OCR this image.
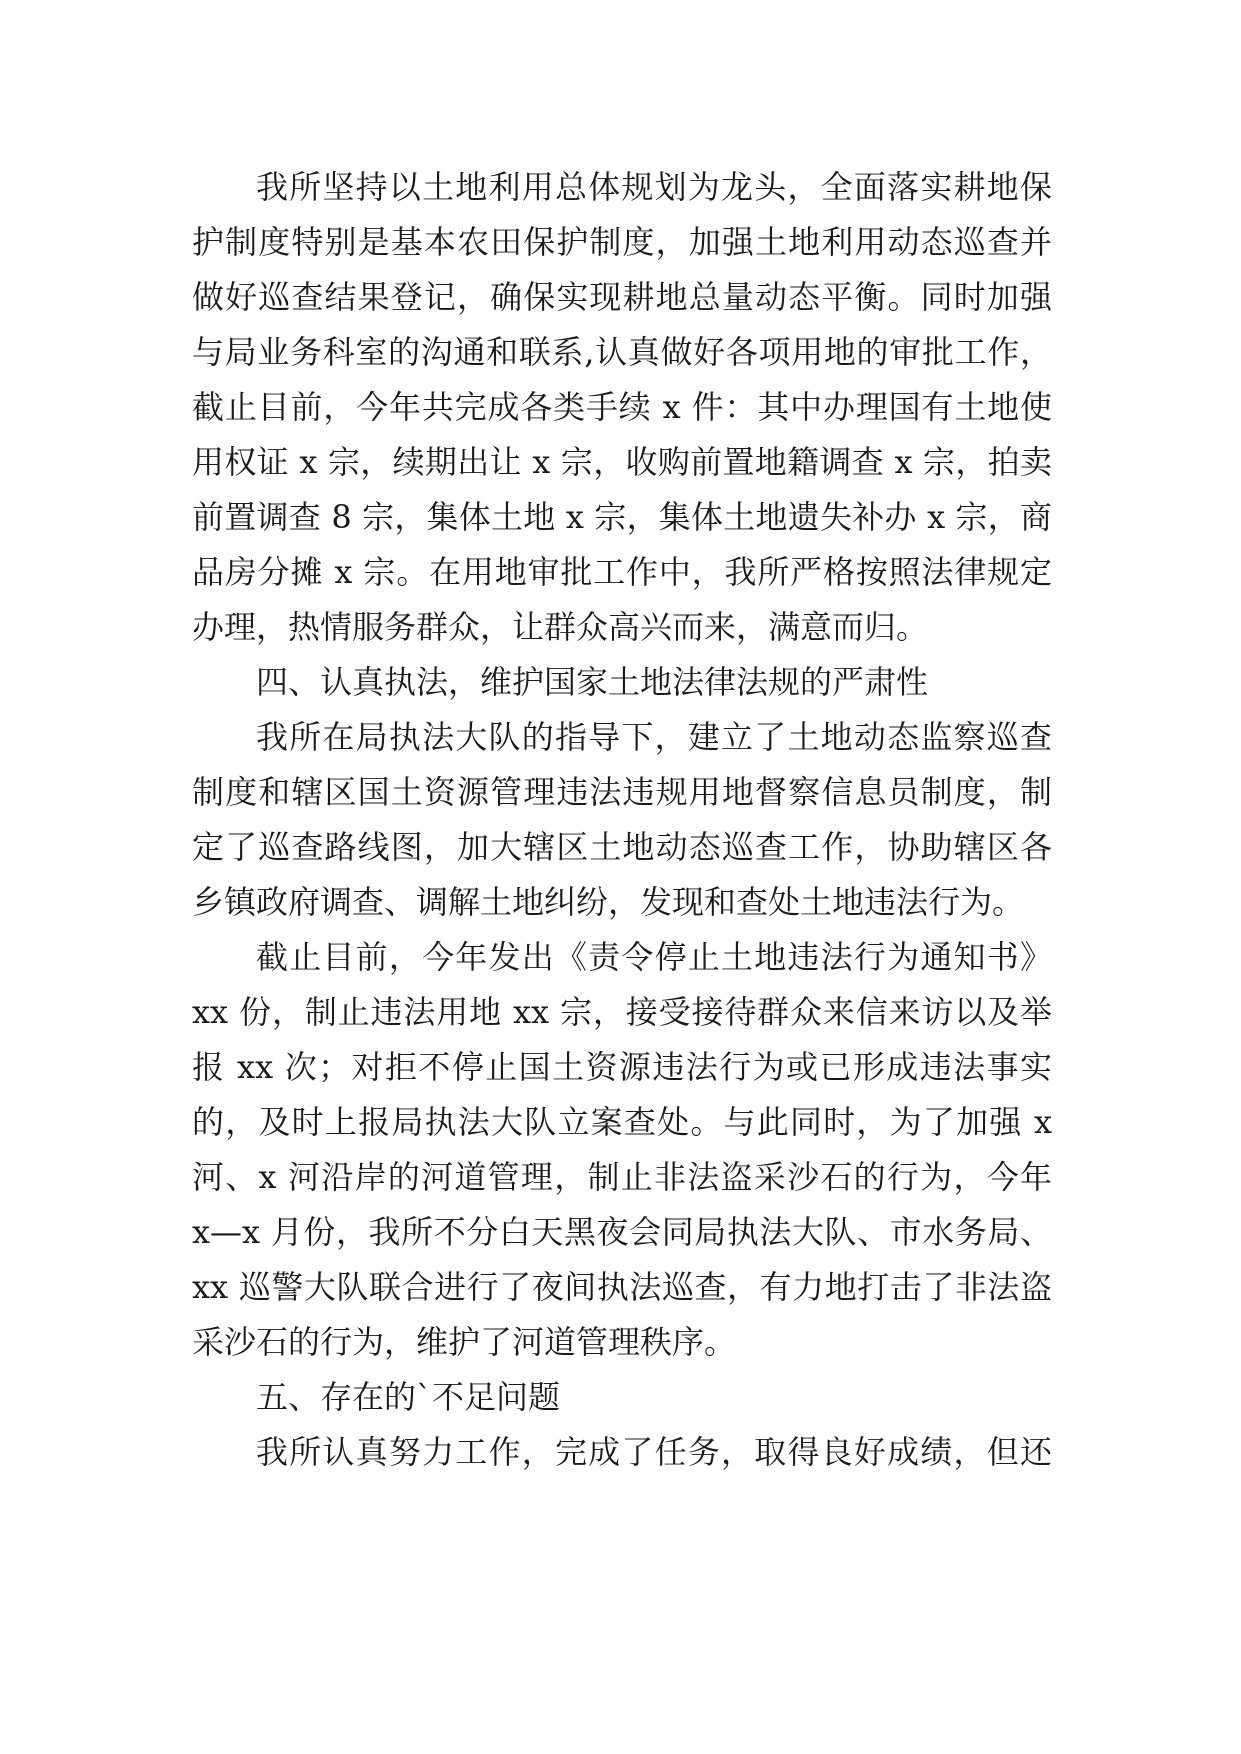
我所坚持以土地利用总体规划为龙头，全面落实耕地保
护制度特别是基本农田保护制度，加强土地利用动态巡查并
做好巡查结果登记，确保实现耕地总量动态平衡。同时加强
与局业务科室的沟通和联系,认真做好各项用地的审批工作，
截止目前，今年共完成各类手续 x 件：其中办理国有土地使
用权证 x 宗，续期出让 x 宗，收购前置地籍调查 x 宗，拍卖
前置调查 8 宗，集体土地 x 宗，集体土地遗失补办 x 宗，商
品房分摊 x 宗。在用地审批工作中，我所严格按照法律规定
办理，热情服务群众，让群众高兴而来，满意而归。
四、认真执法，维护国家土地法律法规的严肃性
我所在局执法大队的指导下，建立了土地动态监察巡查
制度和辖区国土资源管理违法违规用地督察信息员制度，制
定了巡查路线图，加大辖区土地动态巡查工作，协助辖区各
乡镇政府调查、调解土地纠纷，发现和查处土地违法行为。
截止目前，今年发出《责令停止土地违法行为通知书》
xx 份，制止违法用地 xx 宗，接受接待群众来信来访以及举
报 xx 次；对拒不停止国土资源违法行为或已形成违法事实
的，及时上报局执法大队立案查处。与此同时，为了加强 x
河、x 河沿岸的河道管理，制止非法盗采沙石的行为，今年
x—x 月份，我所不分白天黑夜会同局执法大队、市水务局、
xx 巡警大队联合进行了夜间执法巡查，有力地打击了非法盗
采沙石的行为，维护了河道管理秩序。
五、存在的`不足问题
我所认真努力工作，完成了任务，取得良好成绩，但还
